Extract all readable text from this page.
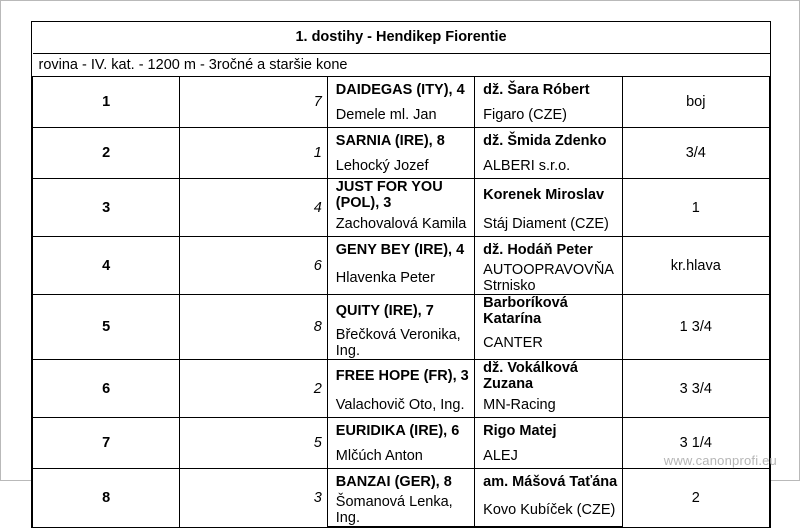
1. dostihy - Hendikep Fiorentie				
rovina - IV. kat. - 1200 m - 3ročné a staršie kone				
1	7	DAIDEGAS (ITY), 4	dž. Šara Róbert	boj
		Demele ml. Jan	Figaro (CZE)	
2	1	SARNIA (IRE), 8	dž. Šmida Zdenko	3/4
		Lehocký Jozef	ALBERI s.r.o.	
3	4	JUST FOR YOU (POL), 3	Korenek Miroslav	1
		Zachovalová Kamila	Stáj Diament (CZE)	
4	6	GENY BEY (IRE), 4	dž. Hodáň Peter	kr.hlava
		Hlavenka Peter	AUTOOPRAVOVŇA Strnisko	
5	8	QUITY (IRE), 7	Barboríková Katarína	1 3/4
		Břečková Veronika, Ing.	CANTER	
6	2	FREE HOPE (FR), 3	dž. Vokálková Zuzana	3 3/4
		Valachovič Oto, Ing.	MN-Racing	
7	5	EURIDIKA (IRE), 6	Rigo Matej	3 1/4
		Mlčúch Anton	ALEJ	
8	3	BANZAI (GER), 8	am. Mášová Taťána	2
		Šomanová Lenka, Ing.	Kovo Kubíček (CZE)	
www.canonprofi.eu
